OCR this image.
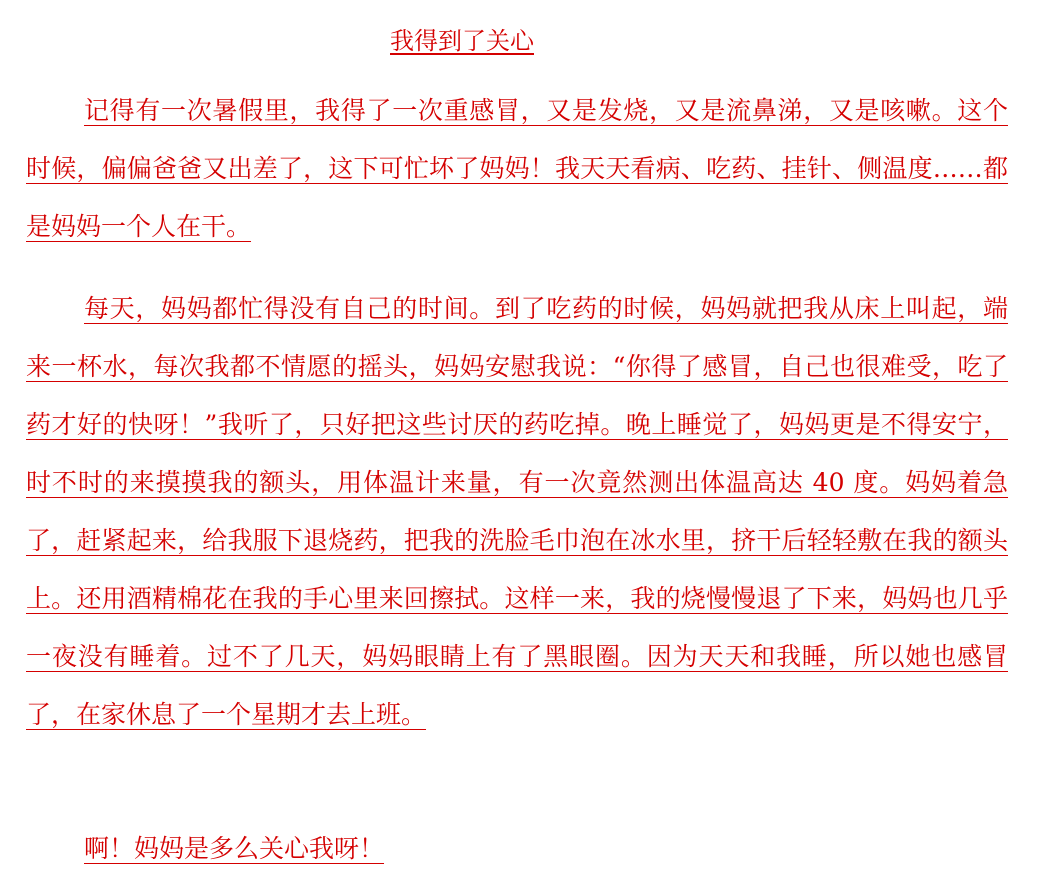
我得到了关心

记得有一次暑假里，我得了一次重感冒，又是发烧，又是流鼻涕，又是咳嗽。这个时候，偏偏爸爸又出差了，这下可忙坏了妈妈！我天天看病、吃药、挂针、侧温度……都是妈妈一个人在干。

每天，妈妈都忙得没有自己的时间。到了吃药的时候，妈妈就把我从床上叫起，端来一杯水，每次我都不情愿的摇头，妈妈安慰我说：“你得了感冒，自己也很难受，吃了药才好的快呀！”我听了，只好把这些讨厌的药吃掉。晚上睡觉了，妈妈更是不得安宁，时不时的来摸摸我的额头，用体温计来量，有一次竟然测出体温高达 40 度。妈妈着急了，赶紧起来，给我服下退烧药，把我的洗脸毛巾泡在冰水里，挤干后轻轻敷在我的额头上。还用酒精棉花在我的手心里来回擦拭。这样一来，我的烧慢慢退了下来，妈妈也几乎一夜没有睡着。过不了几天，妈妈眼睛上有了黑眼圈。因为天天和我睡，所以她也感冒了，在家休息了一个星期才去上班。

啊！妈妈是多么关心我呀！
